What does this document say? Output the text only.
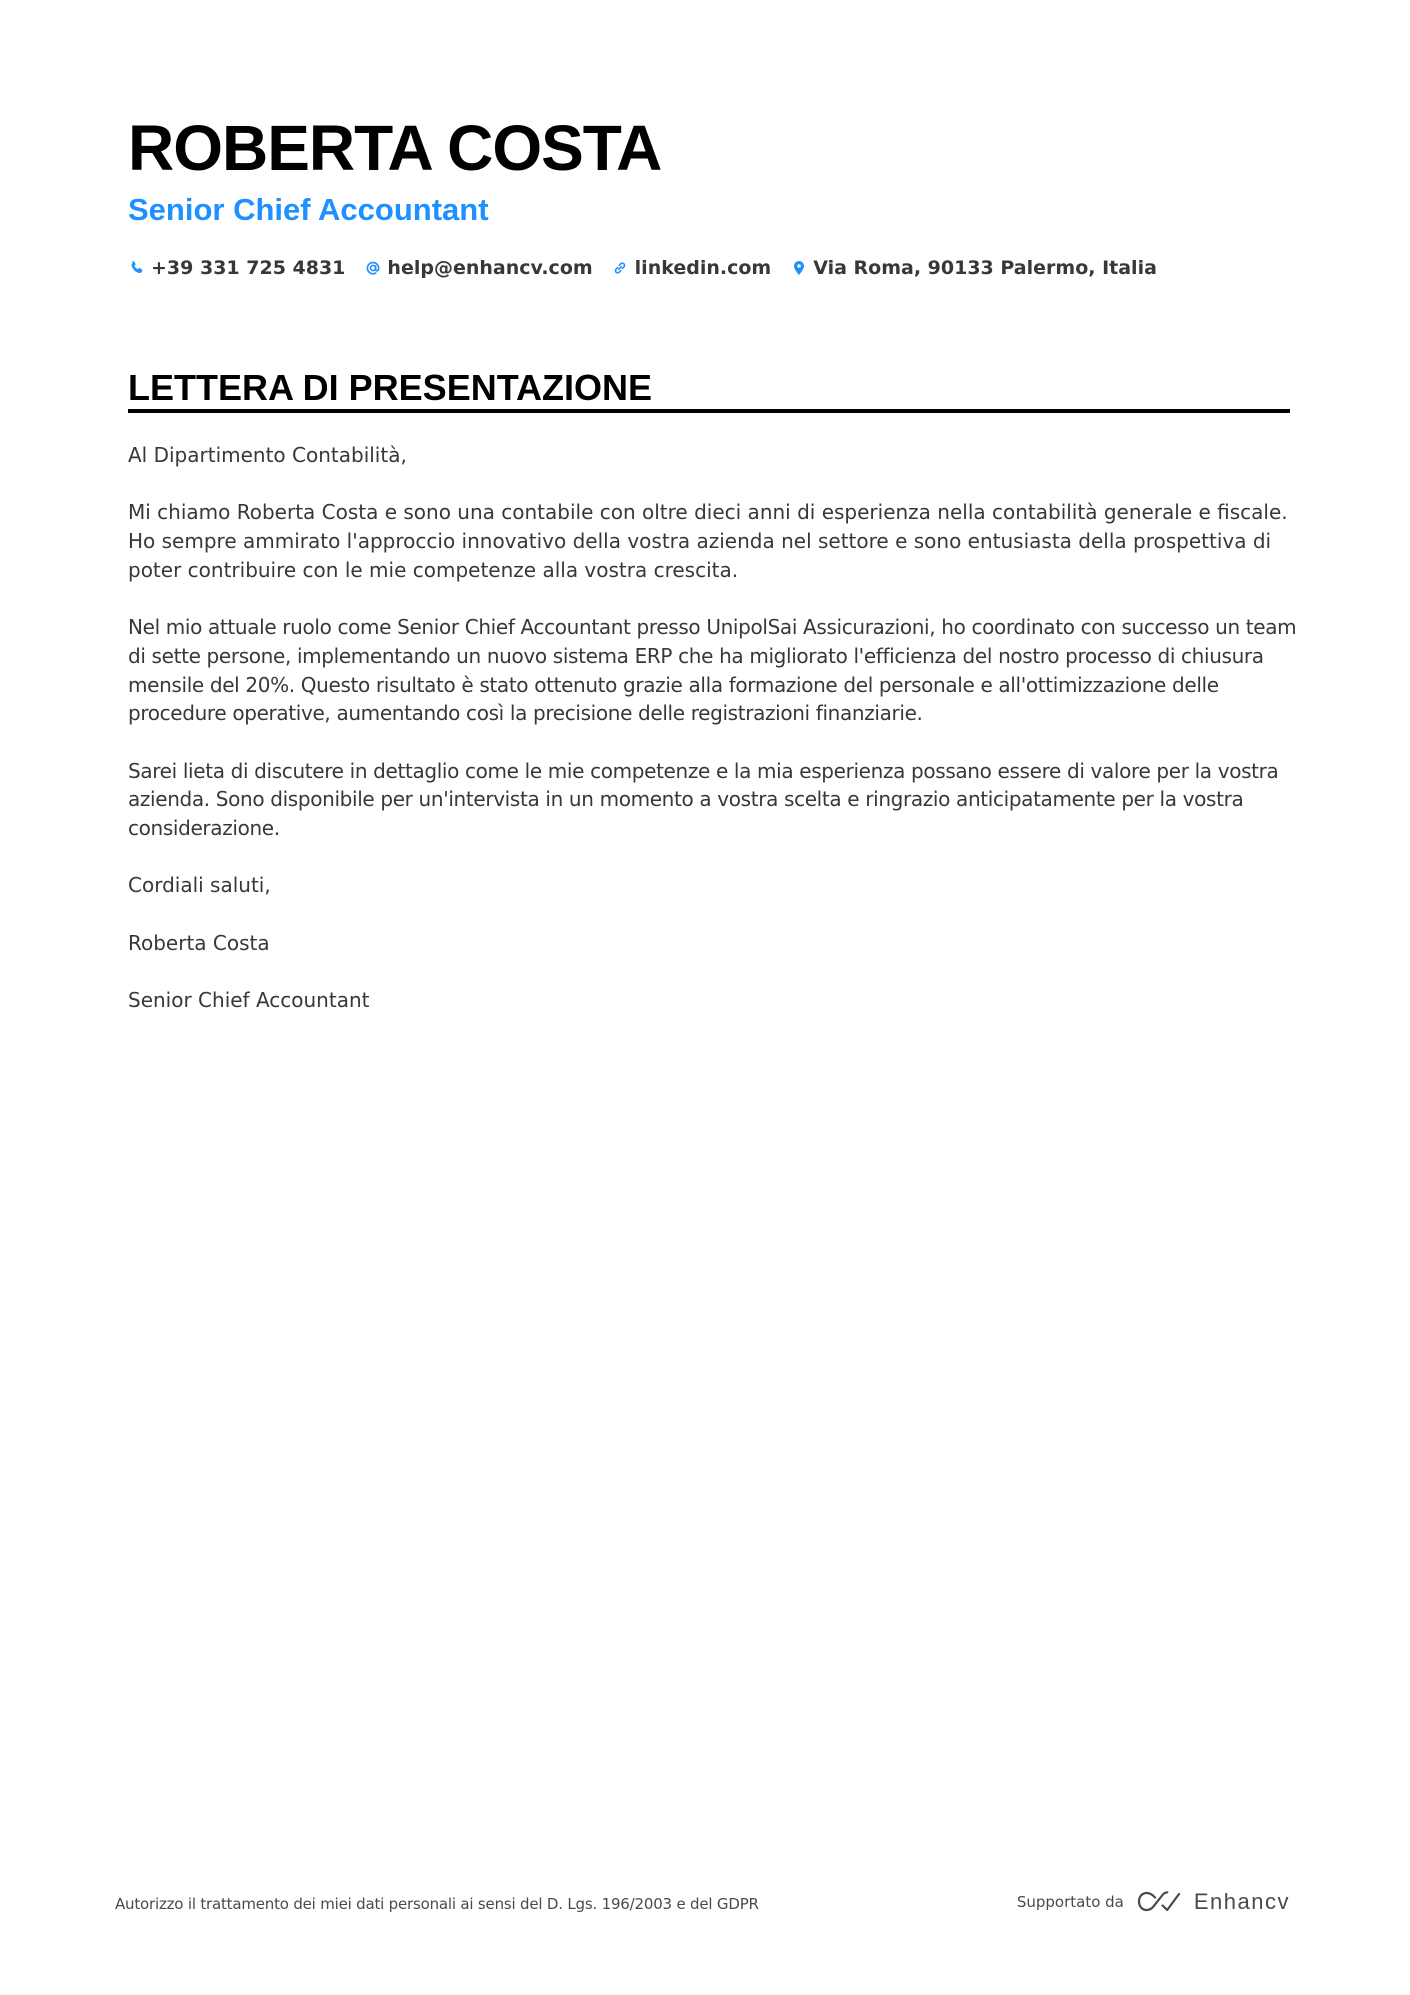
ROBERTA COSTA
Senior Chief Accountant
+39 331 725 4831 help@enhancv.com linkedin.com Via Roma, 90133 Palermo, Italia
LETTERA DI PRESENTAZIONE

Al Dipartimento Contabilità,

Mi chiamo Roberta Costa e sono una contabile con oltre dieci anni di esperienza nella contabilità generale e fiscale. Ho sempre ammirato l'approccio innovativo della vostra azienda nel settore e sono entusiasta della prospettiva di poter contribuire con le mie competenze alla vostra crescita.

Nel mio attuale ruolo come Senior Chief Accountant presso UnipolSai Assicurazioni, ho coordinato con successo un team di sette persone, implementando un nuovo sistema ERP che ha migliorato l'efficienza del nostro processo di chiusura mensile del 20%. Questo risultato è stato ottenuto grazie alla formazione del personale e all'ottimizzazione delle procedure operative, aumentando così la precisione delle registrazioni finanziarie.

Sarei lieta di discutere in dettaglio come le mie competenze e la mia esperienza possano essere di valore per la vostra azienda. Sono disponibile per un'intervista in un momento a vostra scelta e ringrazio anticipatamente per la vostra considerazione.

Cordiali saluti,

Roberta Costa

Senior Chief Accountant

Autorizzo il trattamento dei miei dati personali ai sensi del D. Lgs. 196/2003 e del GDPR	Supportato da	Enhancv
